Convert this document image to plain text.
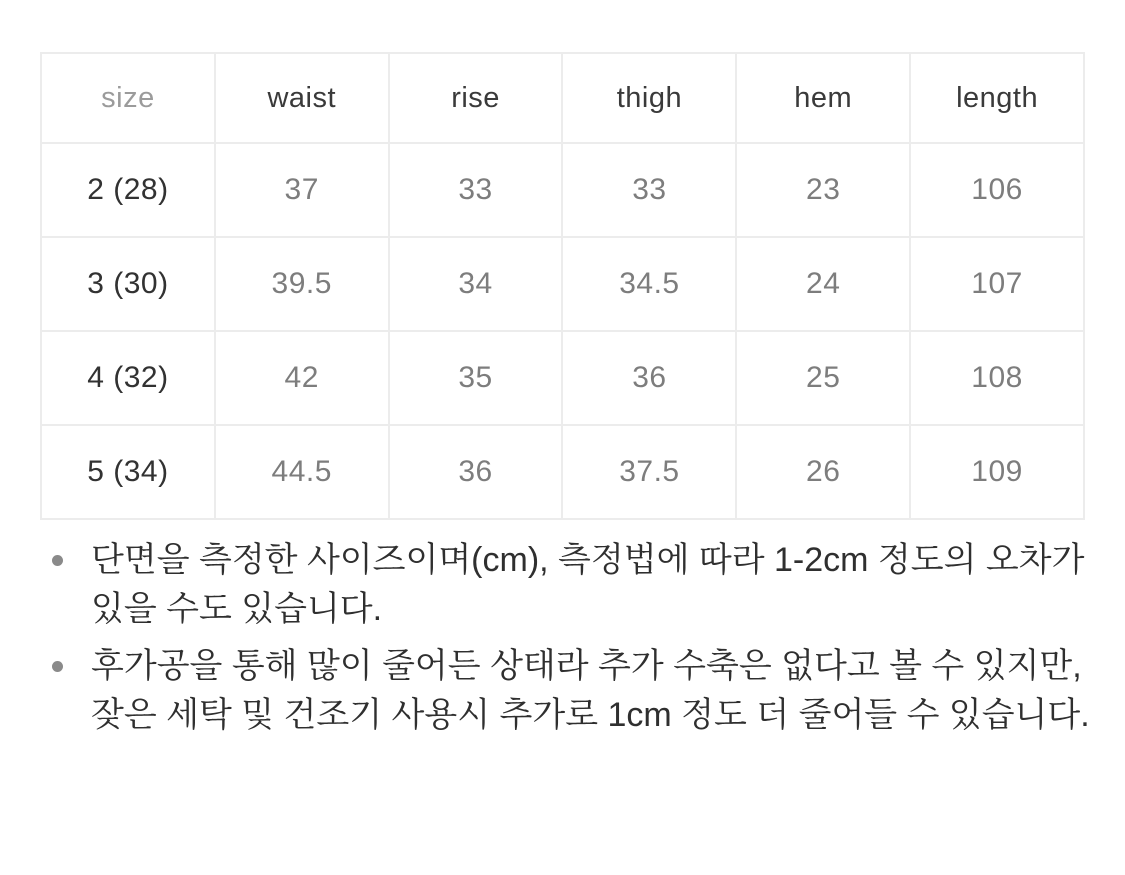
size	waist	rise	thigh	hem	length
2 (28)	37	33	33	23	106
3 (30)	39.5	34	34.5	24	107
4 (32)	42	35	36	25	108
5 (34)	44.5	36	37.5	26	109
단면을 측정한 사이즈이며(cm), 측정법에 따라 1-2cm 정도의 오차가 있을 수도 있습니다.
후가공을 통해 많이 줄어든 상태라 추가 수축은 없다고 볼 수 있지만, 잦은 세탁 및 건조기 사용시 추가로 1cm 정도 더 줄어들 수 있습니다.
